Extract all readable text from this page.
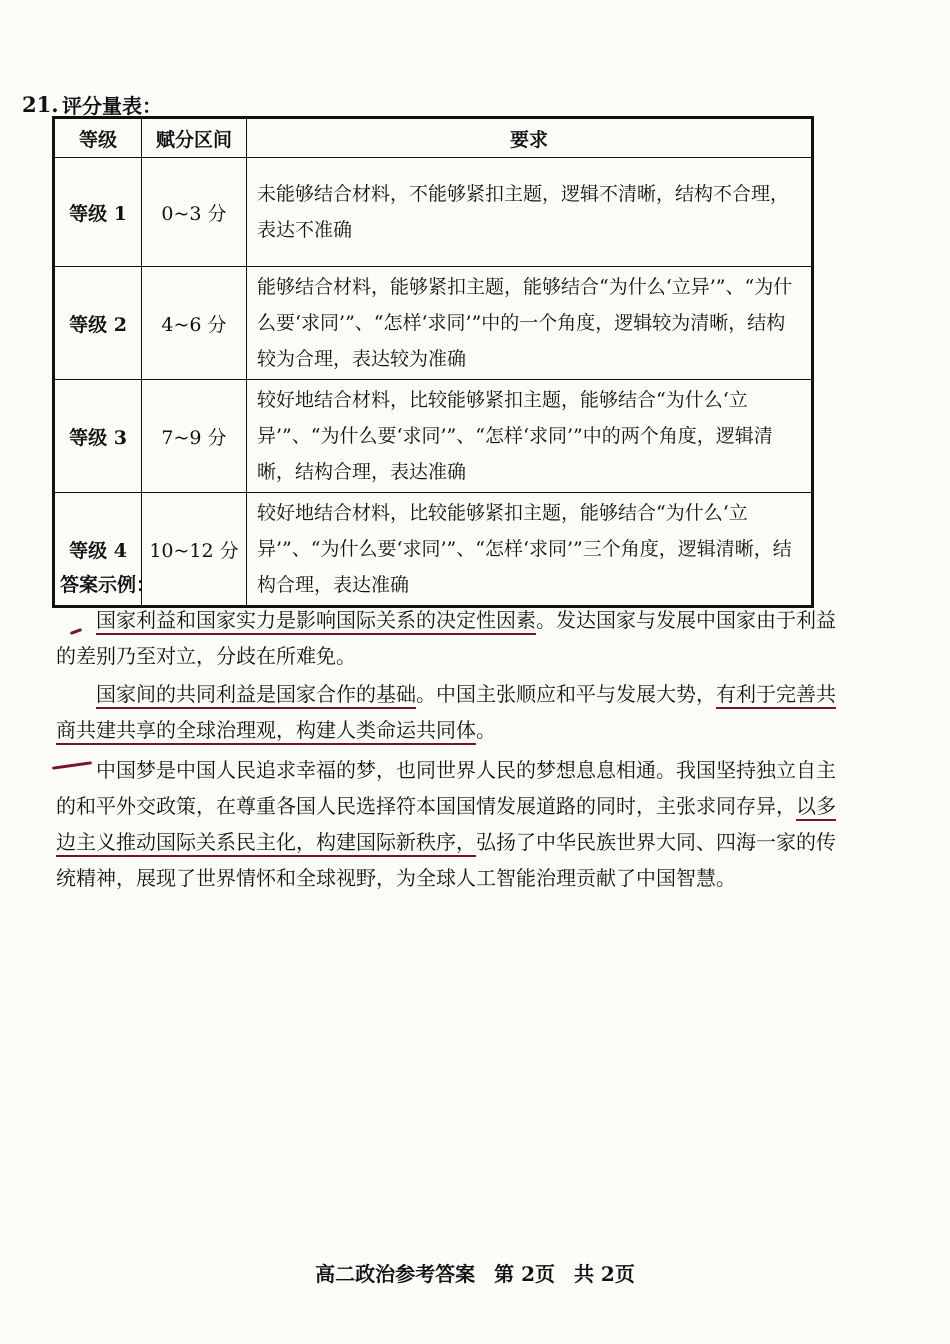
21. 评分量表：
等级	赋分区间	要求
等级 1	0~3 分	未能够结合材料，不能够紧扣主题，逻辑不清晰，结构不合理，表达不准确
等级 2	4~6 分	能够结合材料，能够紧扣主题，能够结合“为什么‘立异’”、“为什么要‘求同’”、“怎样‘求同’”中的一个角度，逻辑较为清晰，结构较为合理，表达较为准确
等级 3	7~9 分	较好地结合材料，比较能够紧扣主题，能够结合“为什么‘立异’”、“为什么要‘求同’”、“怎样‘求同’”中的两个角度，逻辑清晰，结构合理，表达准确
等级 4	10~12 分	较好地结合材料，比较能够紧扣主题，能够结合“为什么‘立异’”、“为什么要‘求同’”、“怎样‘求同’”三个角度，逻辑清晰，结构合理，表达准确
答案示例：

国家利益和国家实力是影响国际关系的决定性因素。发达国家与发展中国家由于利益的差别乃至对立，分歧在所难免。

国家间的共同利益是国家合作的基础。中国主张顺应和平与发展大势，有利于完善共商共建共享的全球治理观，构建人类命运共同体。

中国梦是中国人民追求幸福的梦，也同世界人民的梦想息息相通。我国坚持独立自主的和平外交政策，在尊重各国人民选择符本国国情发展道路的同时，主张求同存异，以多边主义推动国际关系民主化，构建国际新秩序，弘扬了中华民族世界大同、四海一家的传统精神，展现了世界情怀和全球视野，为全球人工智能治理贡献了中国智慧。

高二政治参考答案 第 2页 共 2页
